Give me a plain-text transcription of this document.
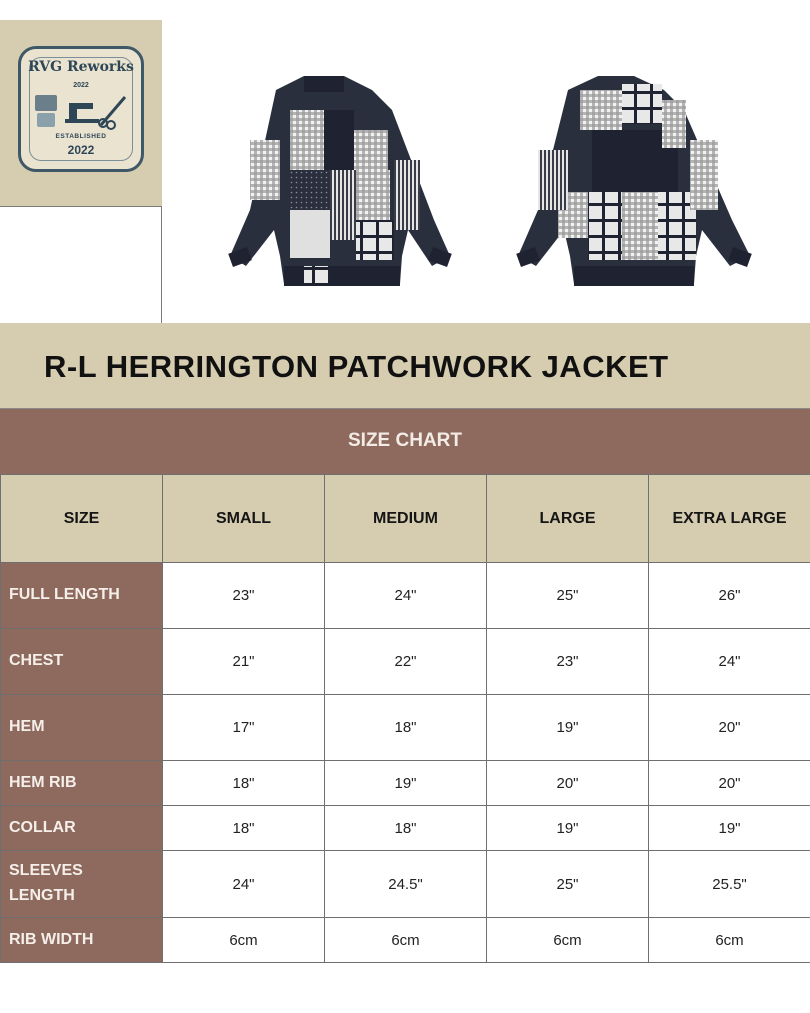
RVG Reworks
2022
ESTABLISHED
2022
R-L HERRINGTON PATCHWORK JACKET
SIZE CHART
SIZE	SMALL	MEDIUM	LARGE	EXTRA LARGE
FULL LENGTH	23"	24"	25"	26"
CHEST	21"	22"	23"	24"
HEM	17"	18"	19"	20"
HEM RIB	18"	19"	20"	20"
COLLAR	18"	18"	19"	19"
SLEEVES LENGTH	24"	24.5"	25"	25.5"
RIB WIDTH	6cm	6cm	6cm	6cm
